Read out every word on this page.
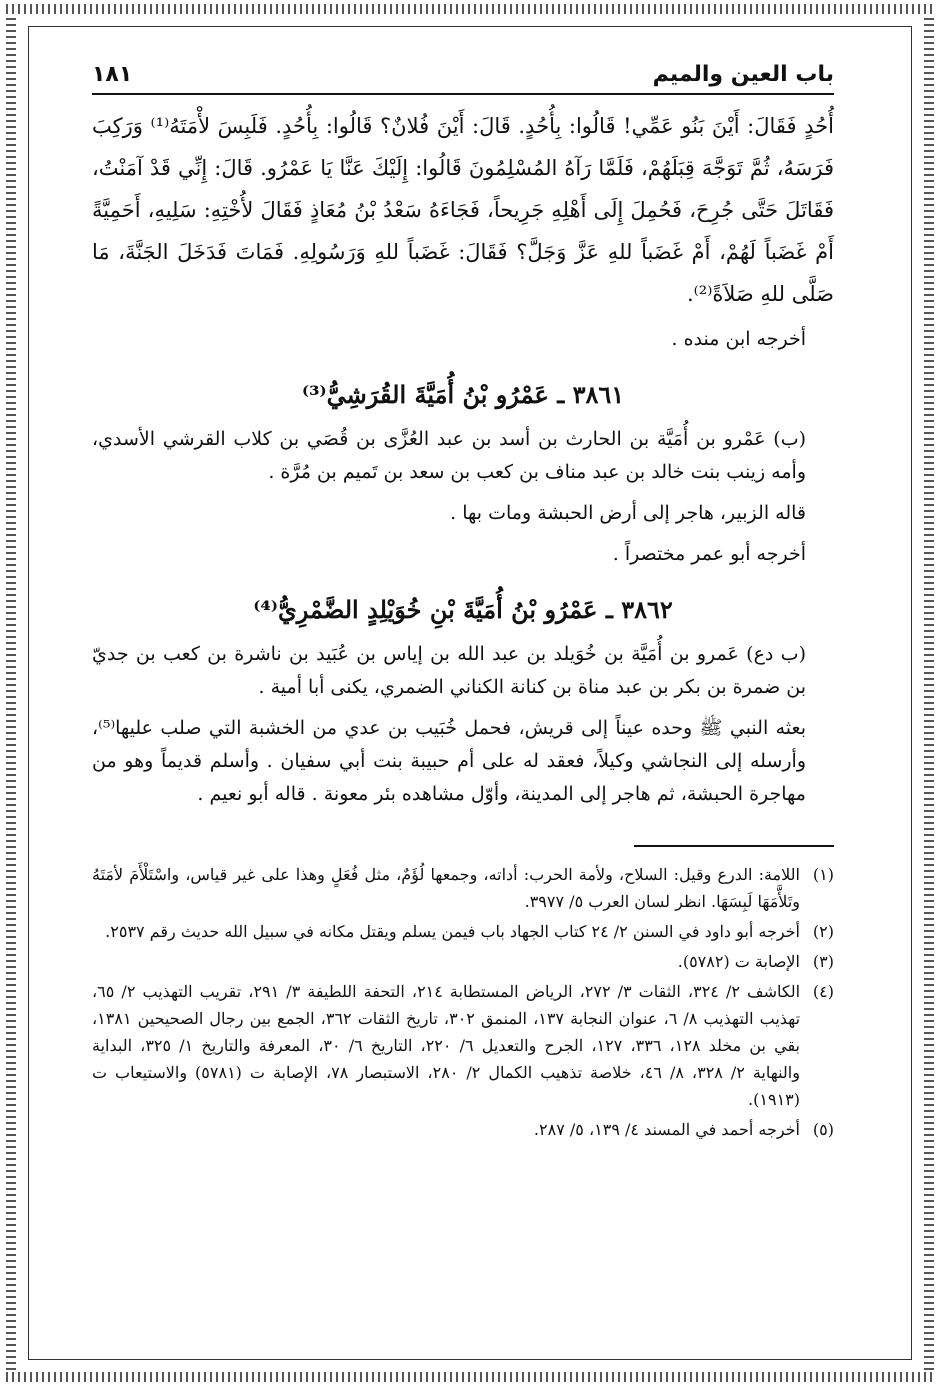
باب العين والميم
١٨١

أُحُدٍ فَقَالَ: أَيْنَ بَنُو عَمِّي! قَالُوا: بِأُحُدٍ. قَالَ: أَيْنَ فُلانٌ؟ قَالُوا: بِأُحُدٍ. فَلَبِسَ لأْمَتَهُ⁽¹⁾ وَرَكِبَ فَرَسَهُ، ثُمَّ تَوَجَّهَ قِبَلَهُمْ، فَلَمَّا رَآهُ المُسْلِمُونَ قَالُوا: إِلَيْكَ عَنَّا يَا عَمْرُو. قَالَ: إِنِّي قَدْ آمَنْتُ، فَقَاتَلَ حَتَّى جُرِحَ، فَحُمِلَ إِلَى أَهْلِهِ جَرِيحاً، فَجَاءَهُ سَعْدُ بْنُ مُعَاذٍ فَقَالَ لأُخْتِهِ: سَلِيهِ، أَحَمِيَّةً أَمْ غَضَباً لَهُمْ، أَمْ غَضَباً للهِ عَزَّ وَجَلَّ؟ فَقَالَ: غَضَباً للهِ وَرَسُولِهِ. فَمَاتَ فَدَخَلَ الجَنَّةَ، مَا صَلَّى للهِ صَلاَةً⁽²⁾.

أخرجه ابن منده .

٣٨٦١ ـ عَمْرُو بْنُ أُمَيَّةَ القُرَشِيُّ⁽³⁾

(ب) عَمْرو بن أُمَيَّة بن الحارث بن أسد بن عبد العُزَّى بن قُصَي بن كلاب القرشي الأسدي، وأمه زينب بنت خالد بن عبد مناف بن كعب بن سعد بن تَميم بن مُرَّة .

قاله الزبير، هاجر إلى أرض الحبشة ومات بها .

أخرجه أبو عمر مختصراً .

٣٨٦٢ ـ عَمْرُو بْنُ أُمَيَّةَ بْنِ خُوَيْلِدٍ الضَّمْرِيُّ⁽⁴⁾

(ب دع) عَمرو بن أُمَيَّة بن خُوَيلد بن عبد الله بن إياس بن عُبَيد بن ناشرة بن كعب بن جديّ بن ضمرة بن بكر بن عبد مناة بن كنانة الكناني الضمري، يكنى أبا أمية .

بعثه النبي ﷺ وحده عيناً إلى قريش، فحمل خُبَيب بن عدي من الخشبة التي صلب عليها⁽⁵⁾، وأرسله إلى النجاشي وكيلاً، فعقد له على أم حبيبة بنت أبي سفيان . وأسلم قديماً وهو من مهاجرة الحبشة، ثم هاجر إلى المدينة، وأوّل مشاهده بئر معونة . قاله أبو نعيم .

(١)
اللامة: الدرع وقيل: السلاح، ولأمة الحرب: أداته، وجمعها لُؤَمٌ، مثل فُعَلٍ وهذا على غير قياس، واسْتَلْأَمَ لأمَتَهُ وتَلأَّمَهَا لَبِسَهَا. انظر لسان العرب ٥/ ٣٩٧٧.
(٢)
أخرجه أبو داود في السنن ٢/ ٢٤ كتاب الجهاد باب فيمن يسلم ويقتل مكانه في سبيل الله حديث رقم ٢٥٣٧.
(٣)
الإصابة ت (٥٧٨٢).
(٤)
الكاشف ٢/ ٣٢٤، الثقات ٣/ ٢٧٢، الرياض المستطابة ٢١٤، التحفة اللطيفة ٣/ ٢٩١، تقريب التهذيب ٢/ ٦٥، تهذيب التهذيب ٨/ ٦، عنوان النجابة ١٣٧، المنمق ٣٠٢، تاريخ الثقات ٣٦٢، الجمع بين رجال الصحيحين ١٣٨١، بقي بن مخلد ١٢٨، ٣٣٦، ١٢٧، الجرح والتعديل ٦/ ٢٢٠، التاريخ ٦/ ٣٠، المعرفة والتاريخ ١/ ٣٢٥، البداية والنهاية ٢/ ٣٢٨، ٨/ ٤٦، خلاصة تذهيب الكمال ٢/ ٢٨٠، الاستبصار ٧٨، الإصابة ت (٥٧٨١) والاستيعاب ت (١٩١٣).
(٥)
أخرجه أحمد في المسند ٤/ ١٣٩، ٥/ ٢٨٧.
